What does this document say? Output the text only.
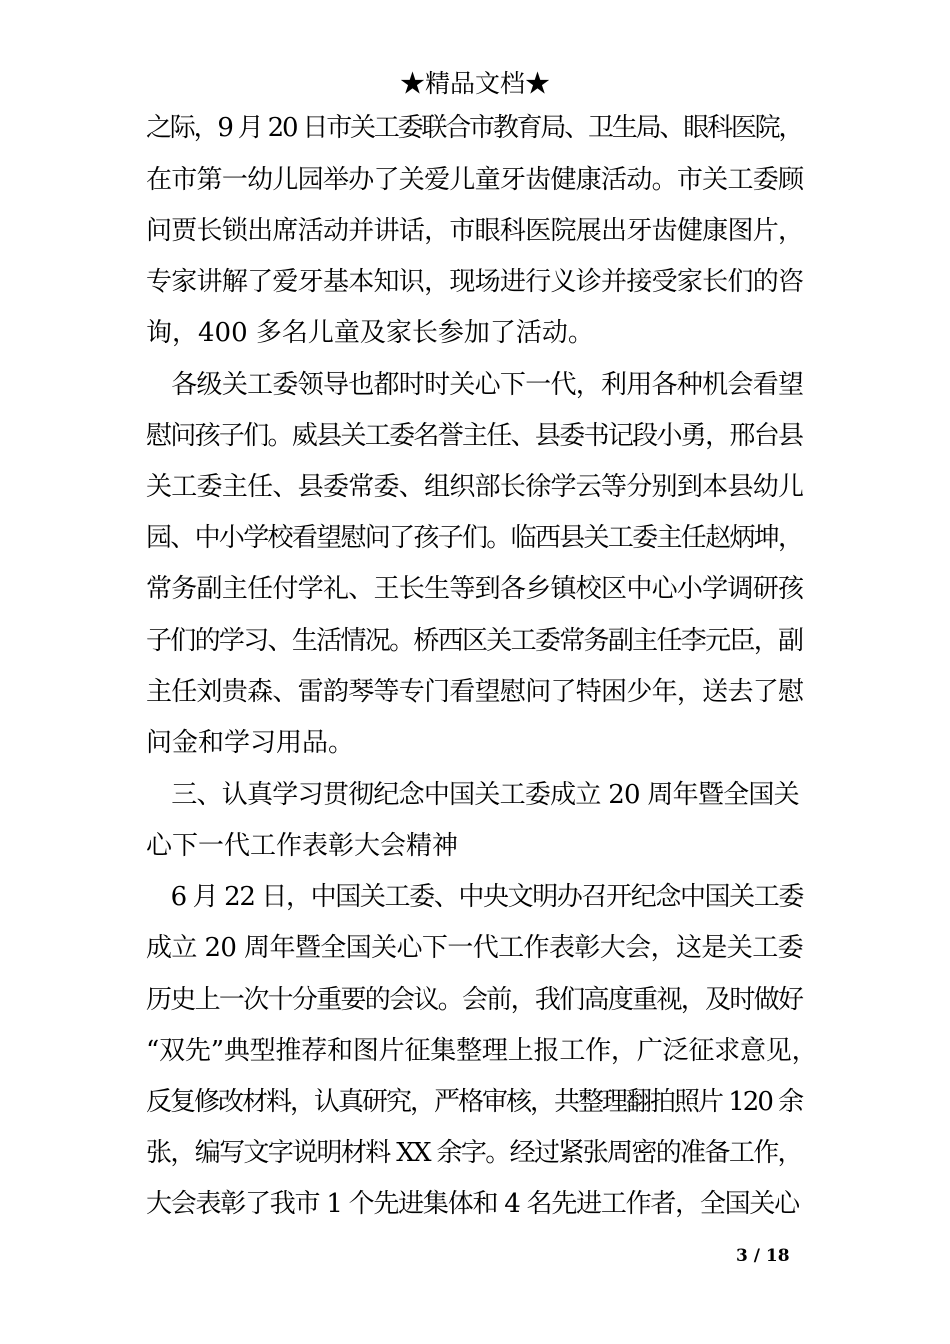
★精品文档★
之际，9 月 20 日市关工委联合市教育局、卫生局、眼科医院，
在市第一幼儿园举办了关爱儿童牙齿健康活动。市关工委顾
问贾长锁出席活动并讲话，市眼科医院展出牙齿健康图片，
专家讲解了爱牙基本知识，现场进行义诊并接受家长们的咨
询，400 多名儿童及家长参加了活动。
　各级关工委领导也都时时关心下一代，利用各种机会看望
慰问孩子们。威县关工委名誉主任、县委书记段小勇，邢台县
关工委主任、县委常委、组织部长徐学云等分别到本县幼儿
园、中小学校看望慰问了孩子们。临西县关工委主任赵炳坤，
常务副主任付学礼、王长生等到各乡镇校区中心小学调研孩
子们的学习、生活情况。桥西区关工委常务副主任李元臣，副
主任刘贵森、雷韵琴等专门看望慰问了特困少年，送去了慰
问金和学习用品。
　三、认真学习贯彻纪念中国关工委成立 20 周年暨全国关
心下一代工作表彰大会精神
　6 月 22 日，中国关工委、中央文明办召开纪念中国关工委
成立 20 周年暨全国关心下一代工作表彰大会，这是关工委
历史上一次十分重要的会议。会前，我们高度重视，及时做好
“双先”典型推荐和图片征集整理上报工作，广泛征求意见，
反复修改材料，认真研究，严格审核，共整理翻拍照片 120 余
张，编写文字说明材料 XX 余字。经过紧张周密的准备工作，
大会表彰了我市 1 个先进集体和 4 名先进工作者，全国关心
3 / 18
